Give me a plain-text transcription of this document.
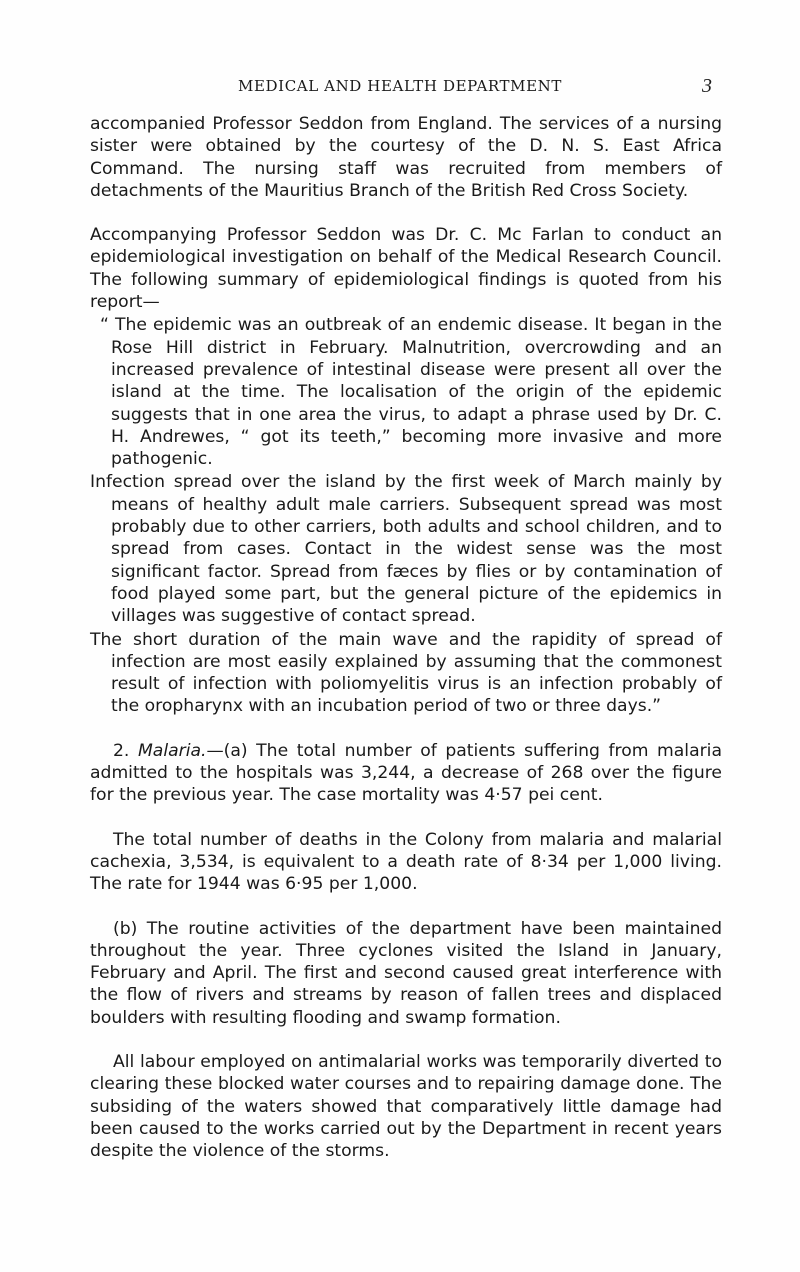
MEDICAL AND HEALTH DEPARTMENT	3

accompanied Professor Seddon from England. The services of a nursing sister were obtained by the courtesy of the D. N. S. East Africa Command. The nursing staff was recruited from members of detachments of the Mauritius Branch of the British Red Cross Society.

Accompanying Professor Seddon was Dr. C. Mc Farlan to conduct an epidemiological investigation on behalf of the Medical Research Council. The following summary of epidemiological findings is quoted from his report—

“ The epidemic was an outbreak of an endemic disease. It began in the Rose Hill district in February. Malnutrition, overcrowding and an increased prevalence of intestinal disease were present all over the island at the time. The localisation of the origin of the epidemic suggests that in one area the virus, to adapt a phrase used by Dr. C. H. Andrewes, “ got its teeth,” becoming more invasive and more pathogenic.

Infection spread over the island by the first week of March mainly by means of healthy adult male carriers. Subsequent spread was most probably due to other carriers, both adults and school children, and to spread from cases. Contact in the widest sense was the most significant factor. Spread from fæces by flies or by contamination of food played some part, but the general picture of the epidemics in villages was suggestive of contact spread.

The short duration of the main wave and the rapidity of spread of infection are most easily explained by assuming that the commonest result of infection with poliomyelitis virus is an infection probably of the oropharynx with an incubation period of two or three days.”

2. Malaria.—(a) The total number of patients suffering from malaria admitted to the hospitals was 3,244, a decrease of 268 over the figure for the previous year. The case mortality was 4·57 pei cent.

The total number of deaths in the Colony from malaria and malarial cachexia, 3,534, is equivalent to a death rate of 8·34 per 1,000 living. The rate for 1944 was 6·95 per 1,000.

(b) The routine activities of the department have been maintained throughout the year. Three cyclones visited the Island in January, February and April. The first and second caused great interference with the flow of rivers and streams by reason of fallen trees and displaced boulders with resulting flooding and swamp formation.

All labour employed on antimalarial works was temporarily diverted to clearing these blocked water courses and to repairing damage done. The subsiding of the waters showed that comparatively little damage had been caused to the works carried out by the Department in recent years despite the violence of the storms.
